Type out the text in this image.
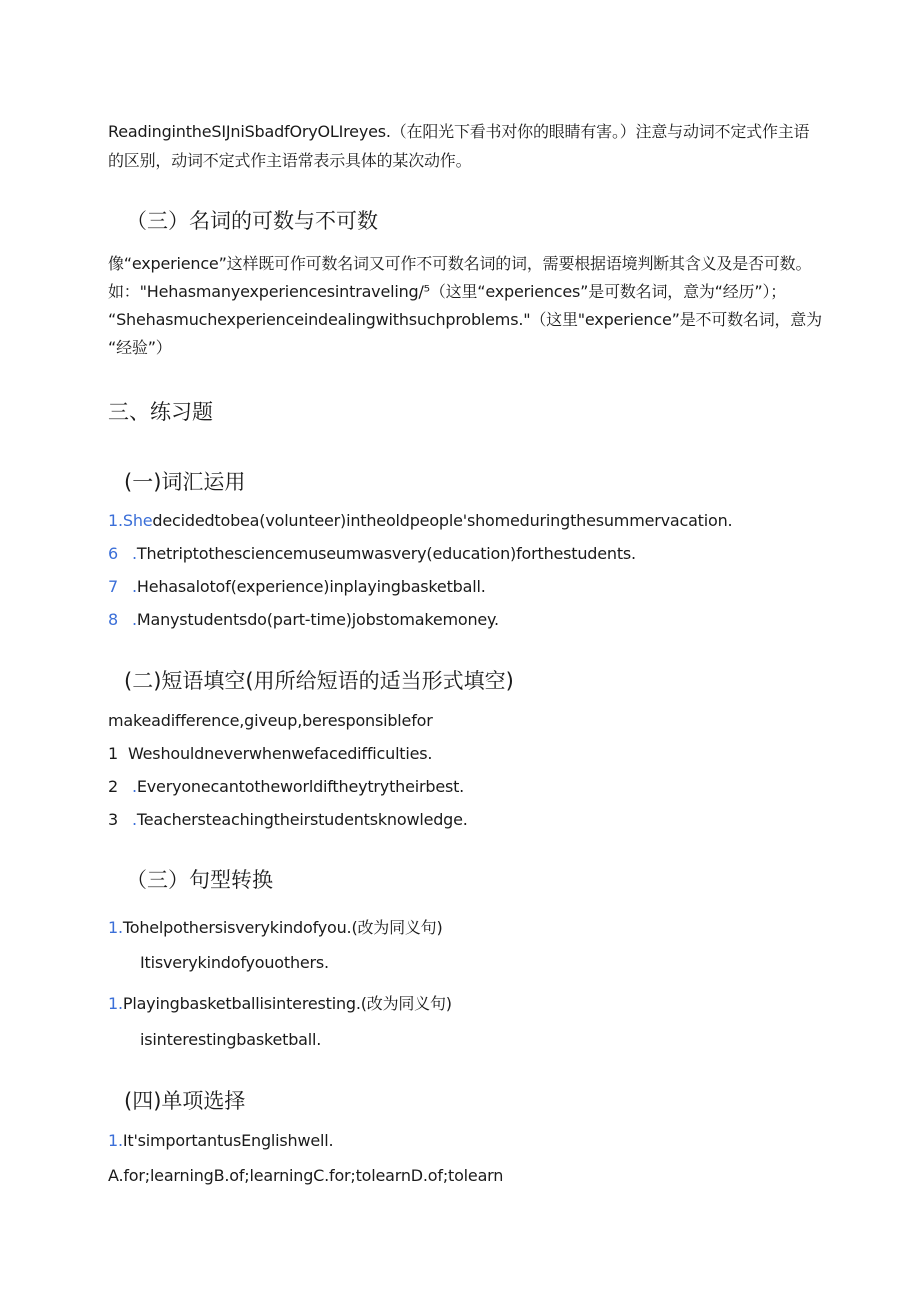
ReadingintheSIJniSbadfOryOLIreyes.（在阳光下看书对你的眼睛有害。）注意与动词不定式作主语
的区别，动词不定式作主语常表示具体的某次动作。
（三）名词的可数与不可数
像“experience”这样既可作可数名词又可作不可数名词的词，需要根据语境判断其含义及是否可数。
如："Hehasmanyexperiencesintraveling/⁵（这里“experiences”是可数名词，意为“经历”）；
“Shehasmuchexperienceindealingwithsuchproblems."（这里"experience”是不可数名词，意为
“经验”）
三、练习题
(一)词汇运用
1.Shedecidedtobea(volunteer)intheoldpeople'shomeduringthesummervacation.
6 .Thetriptothesciencemuseumwasvery(education)forthestudents.
7 .Hehasalotof(experience)inplayingbasketball.
8 .Manystudentsdo(part-time)jobstomakemoney.
(二)短语填空(用所给短语的适当形式填空)
makeadifference,giveup,beresponsiblefor
1 Weshouldneverwhenwefacedifficulties.
2 .Everyonecantotheworldiftheytrytheirbest.
3 .Teachersteachingtheirstudentsknowledge.
（三）句型转换
1.Tohelpothersisverykindofyou.(改为同义句)
Itisverykindofyouothers.
1.Playingbasketballisinteresting.(改为同义句)
isinterestingbasketball.
(四)单项选择
1.It'simportantusEnglishwell.
A.for;learningB.of;learningC.for;tolearnD.of;tolearn
